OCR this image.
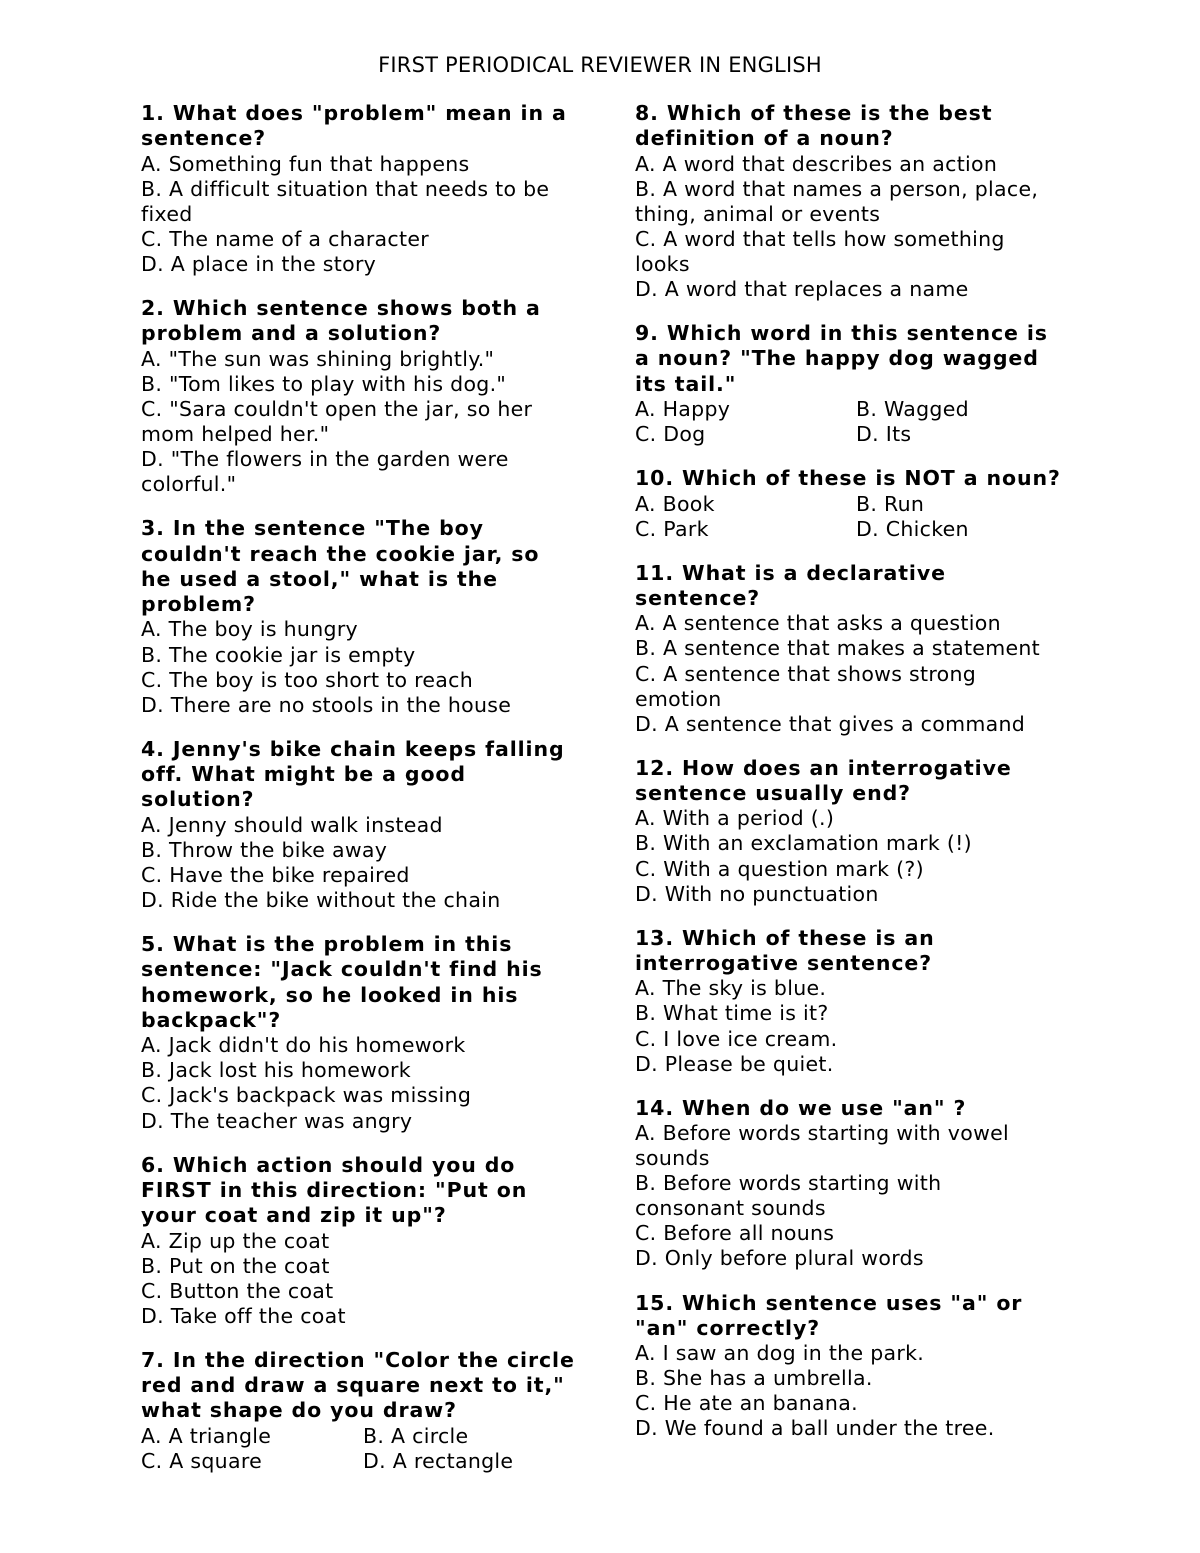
FIRST PERIODICAL REVIEWER IN ENGLISH
1. What does "problem" mean in a
sentence?
A. Something fun that happens
B. A difficult situation that needs to be
fixed
C. The name of a character
D. A place in the story
2. Which sentence shows both a
problem and a solution?
A. "The sun was shining brightly."
B. "Tom likes to play with his dog."
C. "Sara couldn't open the jar, so her
mom helped her."
D. "The flowers in the garden were
colorful."
3. In the sentence "The boy
couldn't reach the cookie jar, so
he used a stool," what is the
problem?
A. The boy is hungry
B. The cookie jar is empty
C. The boy is too short to reach
D. There are no stools in the house
4. Jenny's bike chain keeps falling
off. What might be a good
solution?
A. Jenny should walk instead
B. Throw the bike away
C. Have the bike repaired
D. Ride the bike without the chain
5. What is the problem in this
sentence: "Jack couldn't find his
homework, so he looked in his
backpack"?
A. Jack didn't do his homework
B. Jack lost his homework
C. Jack's backpack was missing
D. The teacher was angry
6. Which action should you do
FIRST in this direction: "Put on
your coat and zip it up"?
A. Zip up the coat
B. Put on the coat
C. Button the coat
D. Take off the coat
7. In the direction "Color the circle
red and draw a square next to it,"
what shape do you draw?
A. A triangle	B. A circle
C. A square	D. A rectangle
8. Which of these is the best
definition of a noun?
A. A word that describes an action
B. A word that names a person, place,
thing, animal or events
C. A word that tells how something
looks
D. A word that replaces a name
9. Which word in this sentence is
a noun? "The happy dog wagged
its tail."
A. Happy	B. Wagged
C. Dog	D. Its
10. Which of these is NOT a noun?
A. Book	B. Run
C. Park	D. Chicken
11. What is a declarative
sentence?
A. A sentence that asks a question
B. A sentence that makes a statement
C. A sentence that shows strong
emotion
D. A sentence that gives a command
12. How does an interrogative
sentence usually end?
A. With a period (.)
B. With an exclamation mark (!)
C. With a question mark (?)
D. With no punctuation
13. Which of these is an
interrogative sentence?
A. The sky is blue.
B. What time is it?
C. I love ice cream.
D. Please be quiet.
14. When do we use "an" ?
A. Before words starting with vowel
sounds
B. Before words starting with
consonant sounds
C. Before all nouns
D. Only before plural words
15. Which sentence uses "a" or
"an" correctly?
A. I saw an dog in the park.
B. She has a umbrella.
C. He ate an banana.
D. We found a ball under the tree.
